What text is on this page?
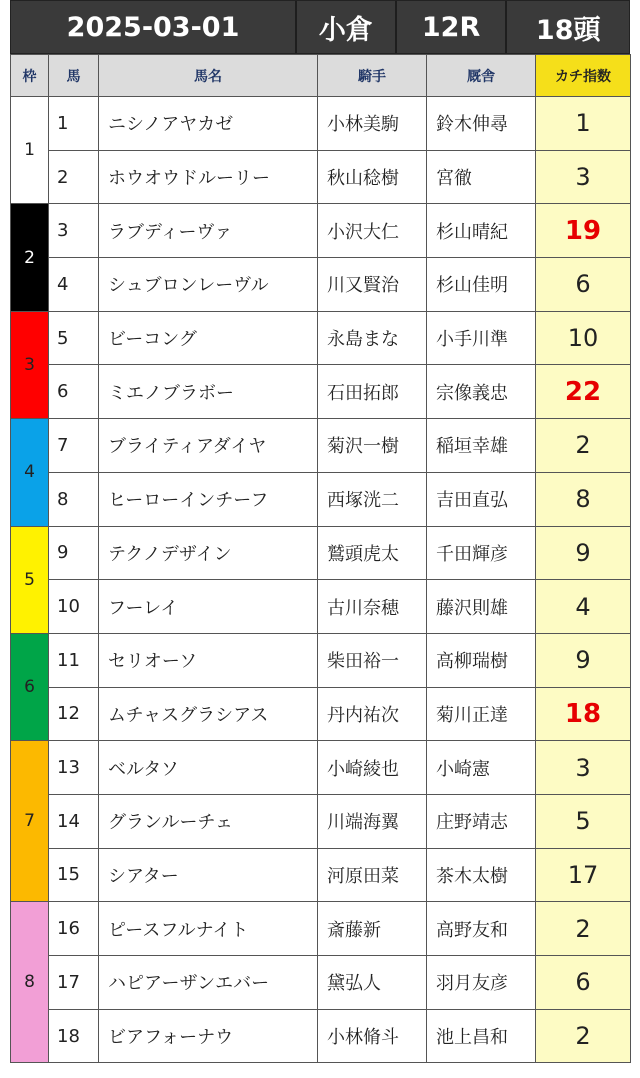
2025-03-01	小倉	12R	18頭
枠	馬	馬名	騎手	厩舎	カチ指数
1	1	ニシノアヤカゼ	小林美駒	鈴木伸尋	1
	2	ホウオウドルーリー	秋山稔樹	宮徹	3
2	3	ラブディーヴァ	小沢大仁	杉山晴紀	19
	4	シュブロンレーヴル	川又賢治	杉山佳明	6
3	5	ビーコング	永島まな	小手川準	10
	6	ミエノブラボー	石田拓郎	宗像義忠	22
4	7	ブライティアダイヤ	菊沢一樹	稲垣幸雄	2
	8	ヒーローインチーフ	西塚洸二	吉田直弘	8
5	9	テクノデザイン	鷲頭虎太	千田輝彦	9
	10	フーレイ	古川奈穂	藤沢則雄	4
6	11	セリオーソ	柴田裕一	高柳瑞樹	9
	12	ムチャスグラシアス	丹内祐次	菊川正達	18
7	13	ベルタソ	小崎綾也	小崎憲	3
	14	グランルーチェ	川端海翼	庄野靖志	5
	15	シアター	河原田菜	茶木太樹	17
8	16	ピースフルナイト	斎藤新	高野友和	2
	17	ハピアーザンエバー	黛弘人	羽月友彦	6
	18	ビアフォーナウ	小林脩斗	池上昌和	2
